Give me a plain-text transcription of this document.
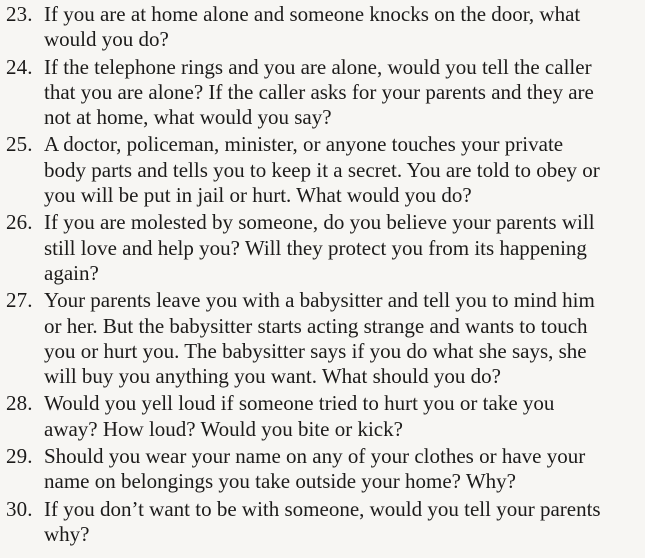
23. If you are at home alone and someone knocks on the door, what
would you do?
24. If the telephone rings and you are alone, would you tell the caller
that you are alone? If the caller asks for your parents and they are
not at home, what would you say?
25. A doctor, policeman, minister, or anyone touches your private
body parts and tells you to keep it a secret. You are told to obey or
you will be put in jail or hurt. What would you do?
26. If you are molested by someone, do you believe your parents will
still love and help you? Will they protect you from its happening
again?
27. Your parents leave you with a babysitter and tell you to mind him
or her. But the babysitter starts acting strange and wants to touch
you or hurt you. The babysitter says if you do what she says, she
will buy you anything you want. What should you do?
28. Would you yell loud if someone tried to hurt you or take you
away? How loud? Would you bite or kick?
29. Should you wear your name on any of your clothes or have your
name on belongings you take outside your home? Why?
30. If you don’t want to be with someone, would you tell your parents
why?
